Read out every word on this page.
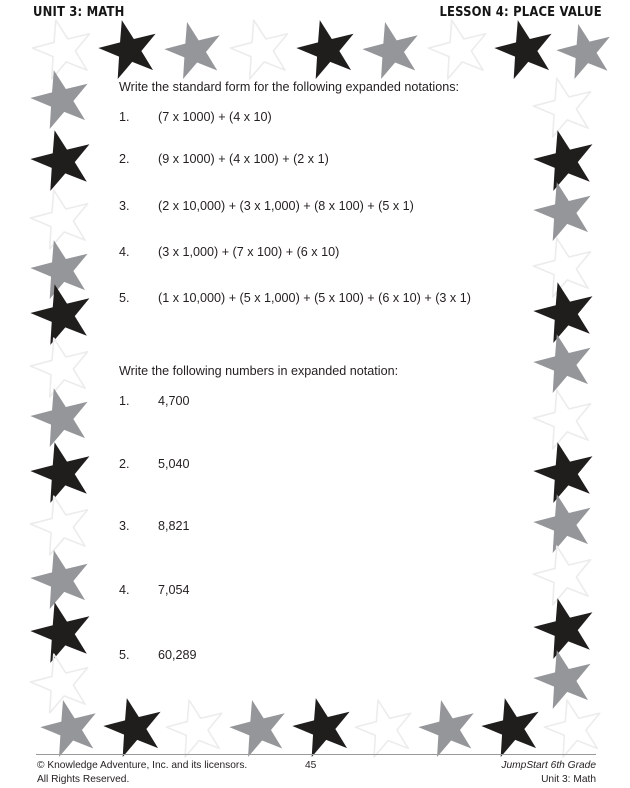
UNIT 3: MATH	LESSON 4: PLACE VALUE
Write the standard form for the following expanded notations:
1. (7 x 1000) + (4 x 10)
2. (9 x 1000) + (4 x 100) + (2 x 1)
3. (2 x 10,000) + (3 x 1,000) + (8 x 100) + (5 x 1)
4. (3 x 1,000) + (7 x 100) + (6 x 10)
5. (1 x 10,000) + (5 x 1,000) + (5 x 100) + (6 x 10) + (3 x 1)
Write the following numbers in expanded notation:
1. 4,700
2. 5,040
3. 8,821
4. 7,054
5. 60,289
© Knowledge Adventure, Inc. and its licensors.
All Rights Reserved.
45	JumpStart 6th Grade
Unit 3: Math
